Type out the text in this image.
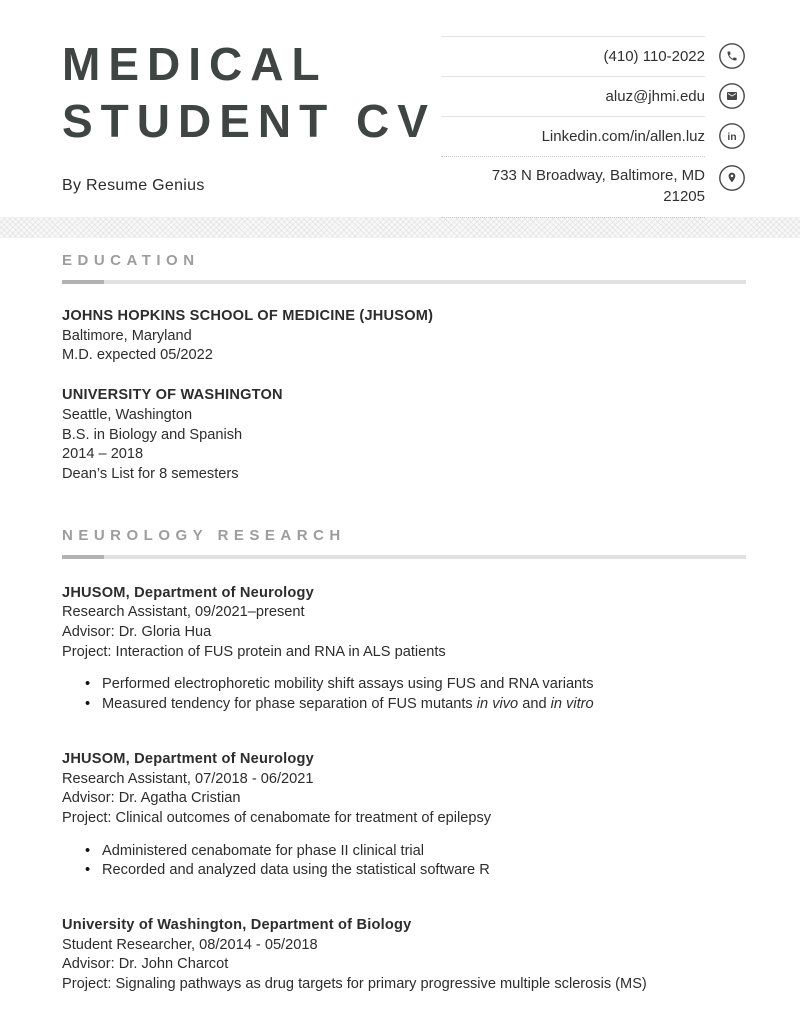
MEDICAL
STUDENT CV
By Resume Genius
(410) 110-2022
aluz@jhmi.edu
Linkedin.com/in/allen.luz in
733 N Broadway, Baltimore, MD 21205
EDUCATION

JOHNS HOPKINS SCHOOL OF MEDICINE (JHUSOM)

Baltimore, Maryland

M.D. expected 05/2022

UNIVERSITY OF WASHINGTON

Seattle, Washington

B.S. in Biology and Spanish

2014 – 2018

Dean’s List for 8 semesters

NEUROLOGY RESEARCH

JHUSOM, Department of Neurology

Research Assistant, 09/2021–present

Advisor: Dr. Gloria Hua

Project: Interaction of FUS protein and RNA in ALS patients

• Performed electrophoretic mobility shift assays using FUS and RNA variants
• Measured tendency for phase separation of FUS mutants in vivo and in vitro

JHUSOM, Department of Neurology

Research Assistant, 07/2018 - 06/2021

Advisor: Dr. Agatha Cristian

Project: Clinical outcomes of cenabomate for treatment of epilepsy

• Administered cenabomate for phase II clinical trial
• Recorded and analyzed data using the statistical software R

University of Washington, Department of Biology

Student Researcher, 08/2014 - 05/2018

Advisor: Dr. John Charcot

Project: Signaling pathways as drug targets for primary progressive multiple sclerosis (MS)
